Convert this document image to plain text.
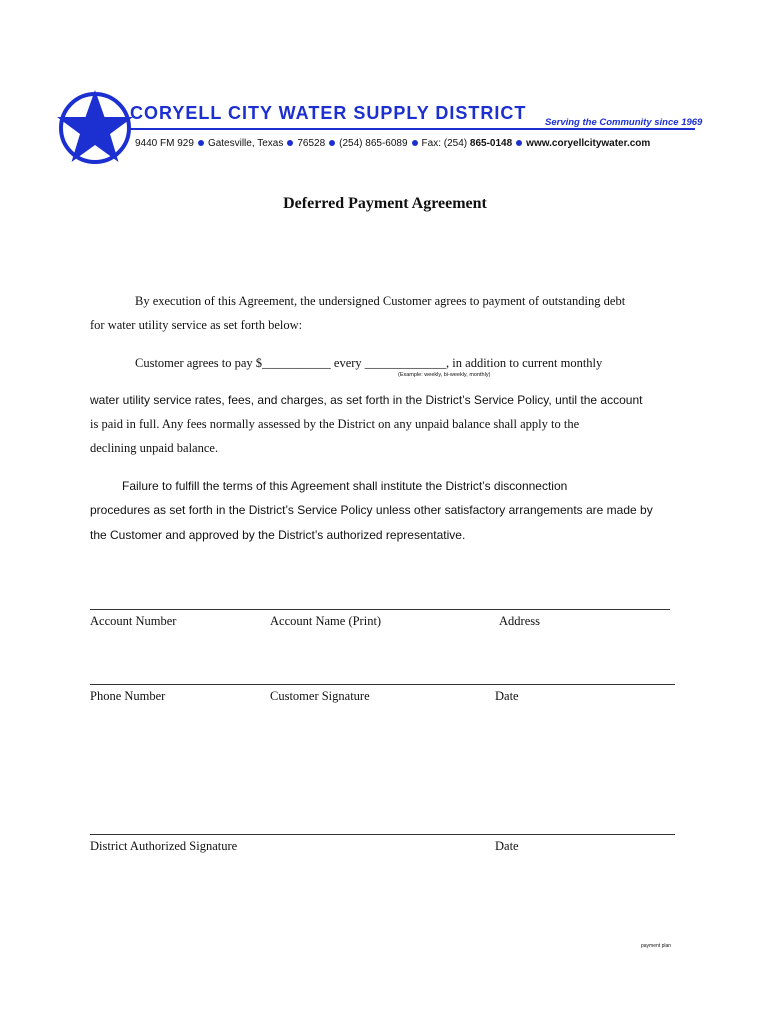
CORYELL CITY WATER SUPPLY DISTRICT Serving the Community since 1969
9440 FM 929 Gatesville, Texas 76528 (254) 865-6089 Fax: (254) 865-0148 www.coryellcitywater.com
Deferred Payment Agreement
By execution of this Agreement, the undersigned Customer agrees to payment of outstanding debt
for water utility service as set forth below:
Customer agrees to pay $___________ every _____________, in addition to current monthly
(Example: weekly, bi-weekly, monthly)
water utility service rates, fees, and charges, as set forth in the District’s Service Policy, until the account
is paid in full. Any fees normally assessed by the District on any unpaid balance shall apply to the
declining unpaid balance.
Failure to fulfill the terms of this Agreement shall institute the District’s disconnection
procedures as set forth in the District’s Service Policy unless other satisfactory arrangements are made by
the Customer and approved by the District’s authorized representative.
Account Number	Account Name (Print)	Address
Phone Number	Customer Signature	Date
District Authorized Signature	Date
payment plan
